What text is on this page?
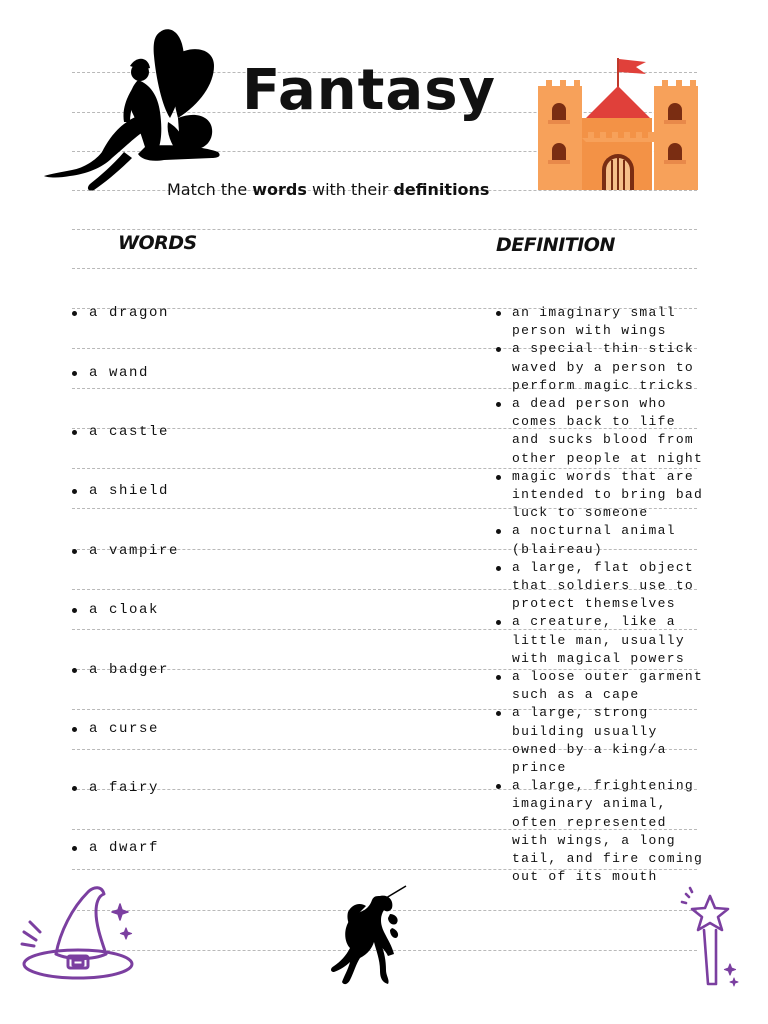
Fantasy
Match the words with their definitions
WORDS	DEFINITION
a dragon
a wand
a castle
a shield
a vampire
a cloak
a badger
a curse
a fairy
a dwarf
an imaginary small person with wings
a special thin stick waved by a person to perform magic tricks
a dead person who comes back to life and sucks blood from other people at night
magic words that are intended to bring bad luck to someone
a nocturnal animal (blaireau)
a large, flat object that soldiers use to protect themselves
a creature, like a little man, usually with magical powers
a loose outer garment such as a cape
a large, strong building usually owned by a king/a prince
a large, frightening imaginary animal, often represented with wings, a long tail, and fire coming out of its mouth
